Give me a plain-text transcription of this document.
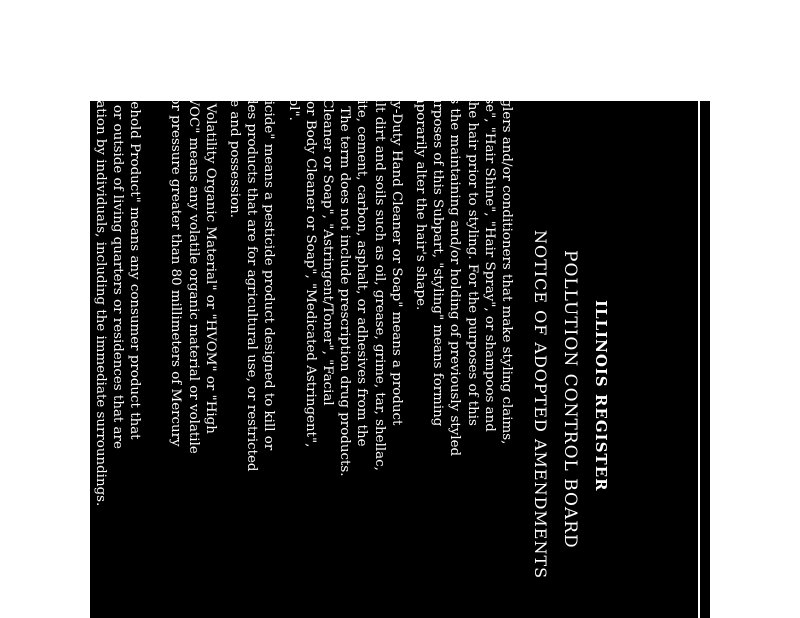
ILLINOIS REGISTER
POLLUTION CONTROL BOARD
NOTICE OF ADOPTED AMENDMENTS
detanglers and/or conditioners that make styling claims,
Mousse", "Hair Shine", "Hair Spray", or shampoos and
from the hair prior to styling. For the purposes of this
means the maintaining and/or holding of previously styled
the purposes of this Subpart, "styling" means forming
to temporarily alter the hair's shape.
"Heavy-Duty Hand Cleaner or Soap" means a product
difficult dirt and soils such as oil, grease, grime, tar, shellac,
graphite, cement, carbon, asphalt, or adhesives from the
water. The term does not include prescription drug products.
Body Cleaner or Soap", "Astringent/Toner", "Facial
Hand or Body Cleaner or Soap", "Medicated Astringent",
Alcohol".
"Herbicide" means a pesticide product designed to kill or
excludes products that are for agricultural use, or restricted
for use and possession.
"High Volatility Organic Material" or "HVOM" or "High
or "HVOC" means any volatile organic material or volatile
a vapor pressure greater than 80 millimeters of Mercury
20°C.
"Household Product" means any consumer product that
inside or outside of living quarters or residences that are
occupation by individuals, including the immediate surroundings.
"Illinois Sales" means the sales (net pounds of product
year) in Illinois for either the calendar year immediately
registration is due or, if that data is not available, any
commencing no earlier than two years prior to the due date.
sales data for Illinois is not available, sales may be estimated
